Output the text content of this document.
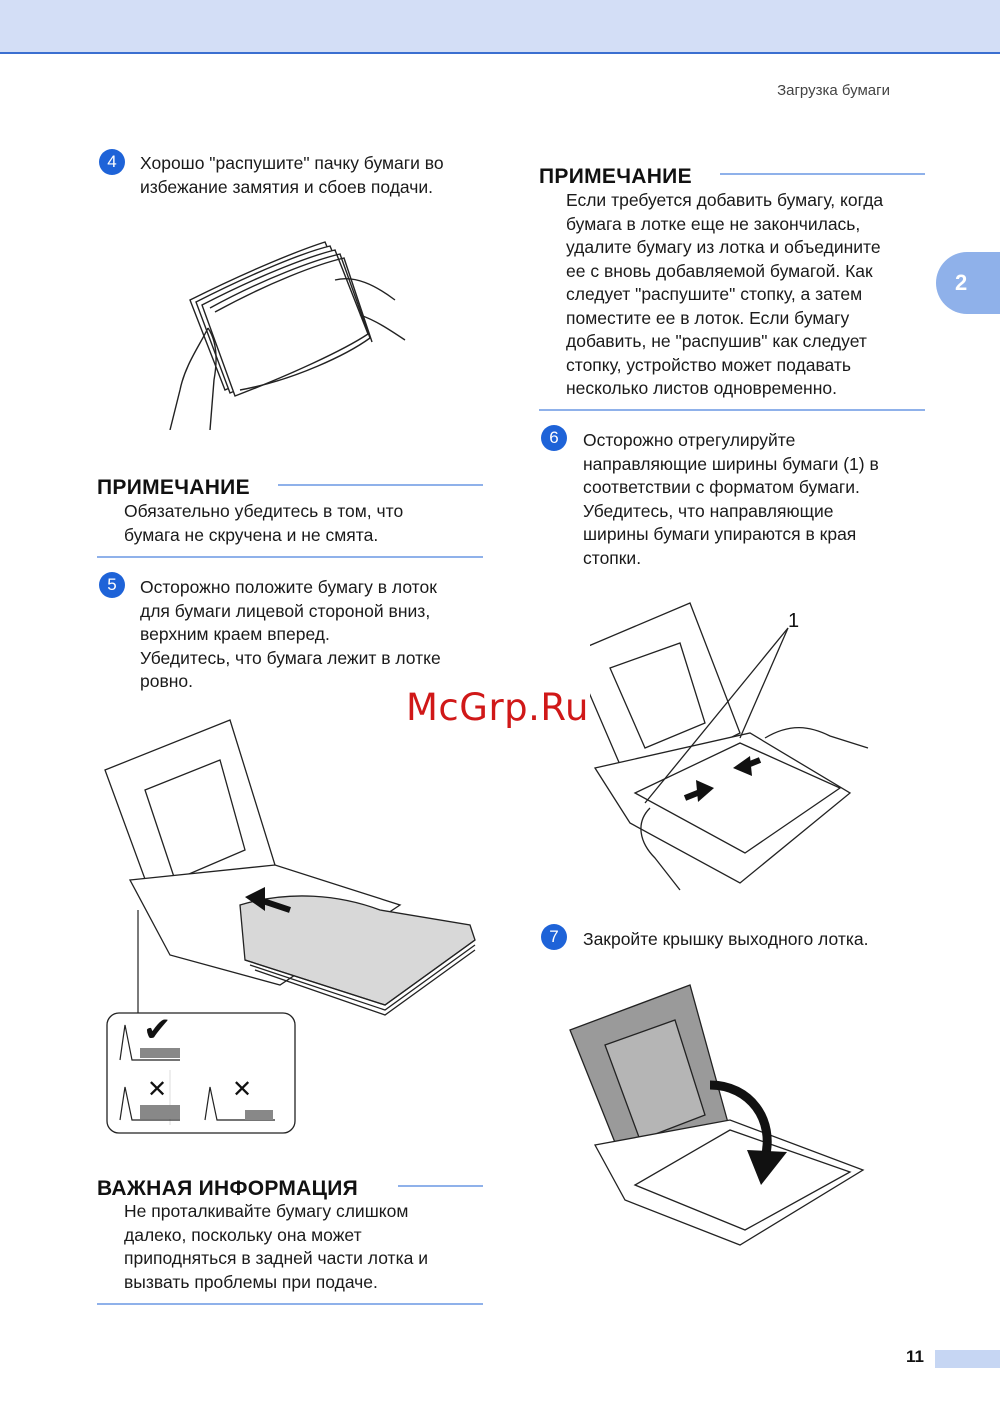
Загрузка бумаги
2
4	Хорошо "распушите" пачку бумаги во
избежание замятия и сбоев подачи.
ПРИМЕЧАНИЕ
Обязательно убедитесь в том, что
бумага не скручена и не смята.
5	Осторожно положите бумагу в лоток
для бумаги лицевой стороной вниз,
верхним краем вперед.
Убедитесь, что бумага лежит в лотке
ровно.
✔
✕	✕
ВАЖНАЯ ИНФОРМАЦИЯ
Не проталкивайте бумагу слишком
далеко, поскольку она может
приподняться в задней части лотка и
вызвать проблемы при подаче.
ПРИМЕЧАНИЕ
Если требуется добавить бумагу, когда
бумага в лотке еще не закончилась,
удалите бумагу из лотка и объедините
ее с вновь добавляемой бумагой. Как
следует "распушите" стопку, а затем
поместите ее в лоток. Если бумагу
добавить, не "распушив" как следует
стопку, устройство может подавать
несколько листов одновременно.
6	Осторожно отрегулируйте
направляющие ширины бумаги (1) в
соответствии с форматом бумаги.
Убедитесь, что направляющие
ширины бумаги упираются в края
стопки.
1
McGrp.Ru
7	Закройте крышку выходного лотка.
11
